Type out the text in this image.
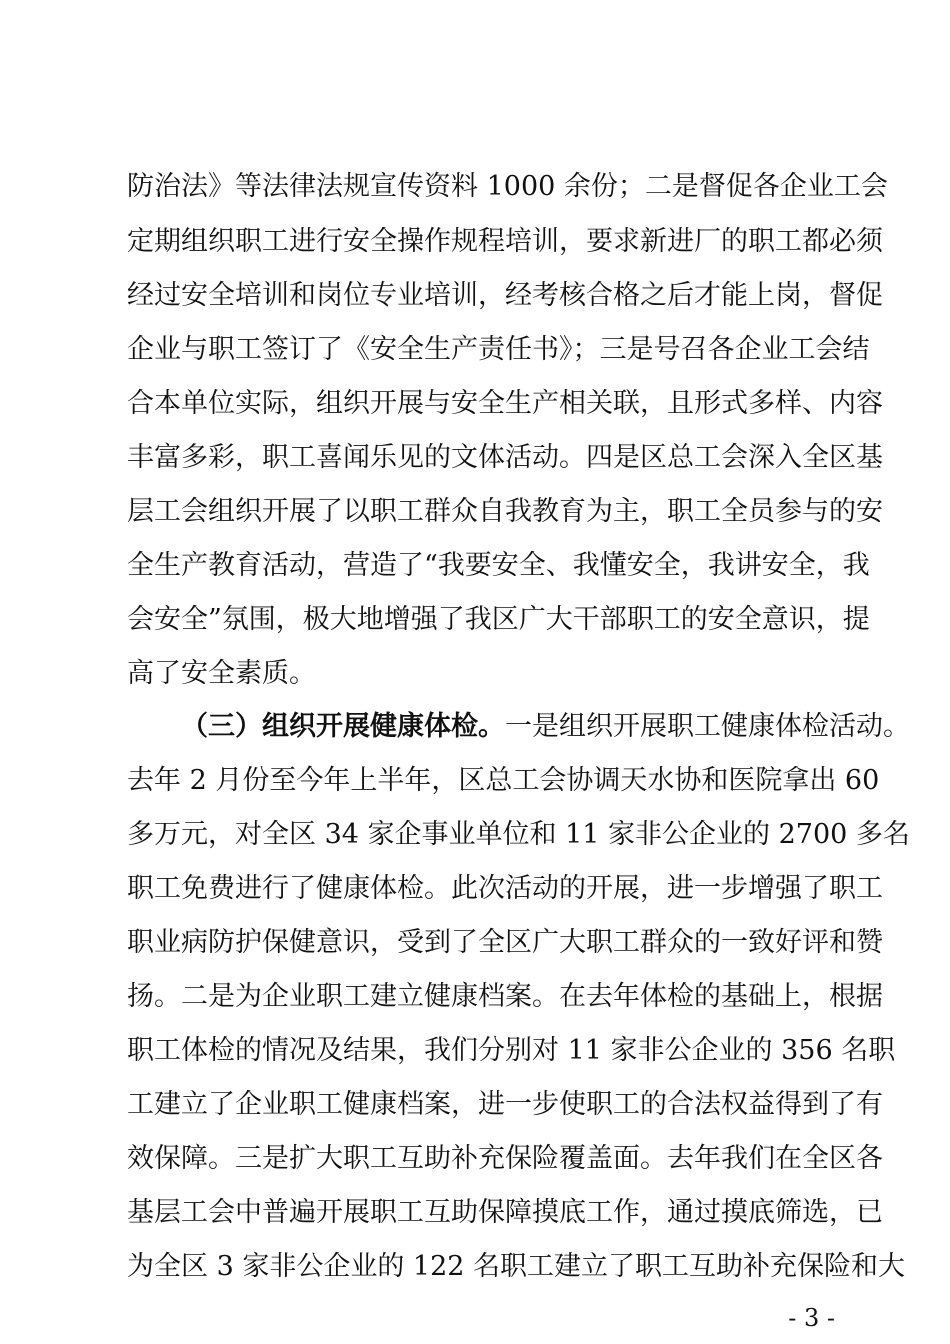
防治法》等法律法规宣传资料 1000 余份；二是督促各企业工会
定期组织职工进行安全操作规程培训，要求新进厂的职工都必须
经过安全培训和岗位专业培训，经考核合格之后才能上岗，督促
企业与职工签订了《安全生产责任书》；三是号召各企业工会结
合本单位实际，组织开展与安全生产相关联，且形式多样、内容
丰富多彩，职工喜闻乐见的文体活动。四是区总工会深入全区基
层工会组织开展了以职工群众自我教育为主，职工全员参与的安
全生产教育活动，营造了“我要安全、我懂安全，我讲安全，我
会安全”氛围，极大地增强了我区广大干部职工的安全意识，提
高了安全素质。
（三）组织开展健康体检。一是组织开展职工健康体检活动。
去年 2 月份至今年上半年，区总工会协调天水协和医院拿出 60
多万元，对全区 34 家企事业单位和 11 家非公企业的 2700 多名
职工免费进行了健康体检。此次活动的开展，进一步增强了职工
职业病防护保健意识，受到了全区广大职工群众的一致好评和赞
扬。二是为企业职工建立健康档案。在去年体检的基础上，根据
职工体检的情况及结果，我们分别对 11 家非公企业的 356 名职
工建立了企业职工健康档案，进一步使职工的合法权益得到了有
效保障。三是扩大职工互助补充保险覆盖面。去年我们在全区各
基层工会中普遍开展职工互助保障摸底工作，通过摸底筛选，已
为全区 3 家非公企业的 122 名职工建立了职工互助补充保险和大
- 3 -
